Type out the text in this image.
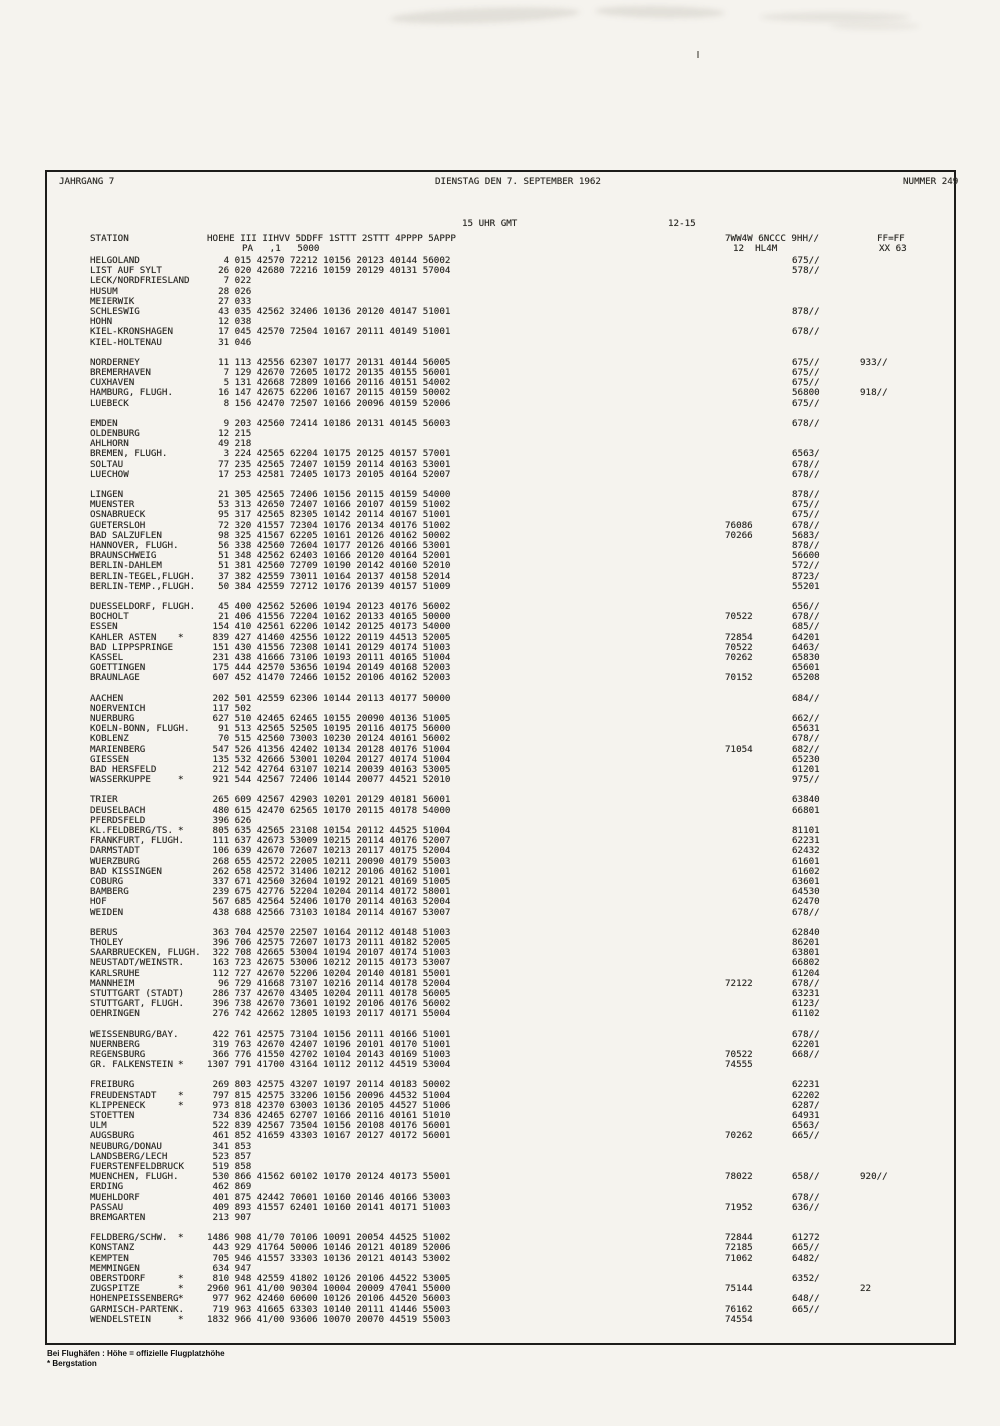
JAHRGANG 7	DIENSTAG DEN 7. SEPTEMBER 1962	NUMMER 249
15 UHR GMT	12-15
STATION	HOEHE III IIHVV 5DDFF 1STTT 2STTT 4PPPP 5APPP	7WW4W 6NCCC 9HH//	FF=FF
PA   ,1   5000	12  HL4M	XX 63
HELGOLAND	4 015 42570 72212 10156 20123 40144 56002	675//
LIST AUF SYLT	26 020 42680 72216 10159 20129 40131 57004	578//
LECK/NORDFRIESLAND 7 022
HUSUM	28 026
MEIERWIK	27 033
SCHLESWIG	43 035 42562 32406 10136 20120 40147 51001	878//
HOHN	12 038
KIEL-KRONSHAGEN	17 045 42570 72504 10167 20111 40149 51001	678//
KIEL-HOLTENAU	31 046
NORDERNEY	11 113 42556 62307 10177 20131 40144 56005	675//	933//
BREMERHAVEN	7 129 42670 72605 10172 20135 40155 56001	675//
CUXHAVEN	5 131 42668 72809 10166 20116 40151 54002	675//
HAMBURG, FLUGH.	16 147 42675 62206 10167 20115 40159 50002	56800	918//
LUEBECK	8 156 42470 72507 10166 20096 40159 52006	675//
EMDEN	9 203 42560 72414 10186 20131 40145 56003	678//
OLDENBURG	12 215
AHLHORN	49 218
BREMEN, FLUGH.	3 224 42565 62204 10175 20125 40157 57001	6563/
SOLTAU	77 235 42565 72407 10159 20114 40163 53001	678//
LUECHOW	17 253 42581 72405 10173 20105 40164 52007	678//
LINGEN	21 305 42565 72406 10156 20115 40159 54000	878//
MUENSTER	53 313 42650 72407 10166 20107 40159 51002	675//
OSNABRUECK	95 317 42565 82305 10142 20114 40167 51001	675//
GUETERSLOH	72 320 41557 72304 10176 20134 40176 51002	76086	678//
BAD SALZUFLEN	98 325 41567 62205 10161 20126 40162 50002	70266	5683/
HANNOVER, FLUGH.	56 338 42560 72604 10177 20126 40166 53001	878//
BRAUNSCHWEIG	51 348 42562 62403 10166 20120 40164 52001	56600
BERLIN-DAHLEM	51 381 42560 72709 10190 20142 40160 52010	572//
BERLIN-TEGEL,FLUGH. 37 382 42559 73011 10164 20137 40158 52014	8723/
BERLIN-TEMP.,FLUGH. 50 384 42559 72712 10176 20139 40157 51009	55201
DUESSELDORF, FLUGH. 45 400 42562 52606 10194 20123 40176 56002	656//
BOCHOLT	21 406 41556 72204 10162 20133 40165 50000	70522	678//
ESSEN	154 410 42561 62206 10142 20125 40173 54000	685//
KAHLER ASTEN *	839 427 41460 42556 10122 20119 44513 52005	72854	64201
BAD LIPPSPRINGE	151 430 41556 72308 10141 20129 40174 51003	70522	6463/
KASSEL	231 438 41666 73106 10193 20111 40165 51004	70262	65830
GOETTINGEN	175 444 42570 53656 10194 20149 40168 52003	65601
BRAUNLAGE	607 452 41470 72466 10152 20106 40162 52003	70152	65208
AACHEN	202 501 42559 62306 10144 20113 40177 50000	684//
NOERVENICH	117 502
NUERBURG	627 510 42465 62465 10155 20090 40136 51005	662//
KOELN-BONN, FLUGH. 91 513 42565 52505 10195 20116 40175 56000	65631
KOBLENZ	70 515 42560 73003 10230 20124 40161 56002	678//
MARIENBERG	547 526 41356 42402 10134 20128 40176 51004	71054	682//
GIESSEN	135 532 42666 53001 10204 20127 40174 51004	65230
BAD HERSFELD	212 542 42764 63107 10214 20039 40163 53005	61201
WASSERKUPPE	*	921 544 42567 72406 10144 20077 44521 52010	975//
TRIER	265 609 42567 42903 10201 20129 40181 56001	63840
DEUSELBACH	480 615 42470 62565 10170 20115 40178 54000	66801
PFERDSFELD	396 626
KL.FELDBERG/TS. *	805 635 42565 23108 10154 20112 44525 51004	81101
FRANKFURT, FLUGH. 111 637 42673 53009 10215 20114 40176 52007	62231
DARMSTADT	106 639 42670 72607 10213 20117 40175 52004	62432
WUERZBURG	268 655 42572 22005 10211 20090 40179 55003	61601
BAD KISSINGEN	262 658 42572 31406 10212 20106 40162 51001	61602
COBURG	337 671 42560 32604 10192 20121 40169 51005	63601
BAMBERG	239 675 42776 52204 10204 20114 40172 58001	64530
HOF	567 685 42564 52406 10170 20114 40163 52004	62470
WEIDEN	438 688 42566 73103 10184 20114 40167 53007	678//
BERUS	363 704 42570 22507 10164 20112 40148 51003	62840
THOLEY	396 706 42575 72607 10173 20111 40182 52005	86201
SAARBRUECKEN, FLUGH. 322 708 42665 53004 10194 20107 40174 51003	63801
NEUSTADT/WEINSTR. 163 723 42675 53006 10212 20115 40173 53007	66802
KARLSRUHE	112 727 42670 52206 10204 20140 40181 55001	61204
MANNHEIM	96 729 41668 73107 10216 20114 40178 52004	72122	678//
STUTTGART (STADT) 286 737 42670 43405 10204 20111 40178 56005	63231
STUTTGART, FLUGH. 396 738 42670 73601 10192 20106 40176 56002	6123/
OEHRINGEN	276 742 42662 12805 10193 20117 40171 55004	61102
WEISSENBURG/BAY.	422 761 42575 73104 10156 20111 40166 51001	678//
NUERNBERG	319 763 42670 42407 10196 20101 40170 51001	62201
REGENSBURG	366 776 41550 42702 10104 20143 40169 51003	70522	668//
GR. FALKENSTEIN *	1307 791 41700 43164 10112 20112 44519 53004	74555
FREIBURG	269 803 42575 43207 10197 20114 40183 50002	62231
FREUDENSTADT *	797 815 42575 33206 10156 20096 44532 51004	62202
KLIPPENECK	*	973 818 42370 63003 10136 20105 44527 51006	6287/
STOETTEN	734 836 42465 62707 10166 20116 40161 51010	64931
ULM	522 839 42567 73504 10156 20108 40176 56001	6563/
AUGSBURG	461 852 41659 43303 10167 20127 40172 56001	70262	665//
NEUBURG/DONAU	341 853
LANDSBERG/LECH	523 857
FUERSTENFELDBRUCK 519 858
MUENCHEN, FLUGH.	530 866 41562 60102 10170 20124 40173 55001	78022	658//	920//
ERDING	462 869
MUEHLDORF	401 875 42442 70601 10160 20146 40166 53003	678//
PASSAU	409 893 41557 62401 10160 20141 40171 51003	71952	636//
BREMGARTEN	213 907
FELDBERG/SCHW. *	1486 908 41/70 70106 10091 20054 44525 51002	72844	61272
KONSTANZ	443 929 41764 50006 10146 20121 40189 52006	72185	665//
KEMPTEN	705 946 41557 33303 10136 20121 40143 53002	71062	6482/
MEMMINGEN	634 947
OBERSTDORF	*	810 948 42559 41802 10126 20106 44522 53005	6352/
ZUGSPITZE	*	2960 961 41/00 90304 10004 20009 47041 55000	75144	22
HOHENPEISSENBERG *	977 962 42460 60600 10126 20106 44520 56003	648//
GARMISCH-PARTENK. 719 963 41665 63303 10140 20111 41446 55003	76162	665//
WENDELSTEIN	*	1832 966 41/00 93606 10070 20070 44519 55003	74554
Bei Flughäfen : Höhe = offizielle Flugplatzhöhe
* Bergstation
